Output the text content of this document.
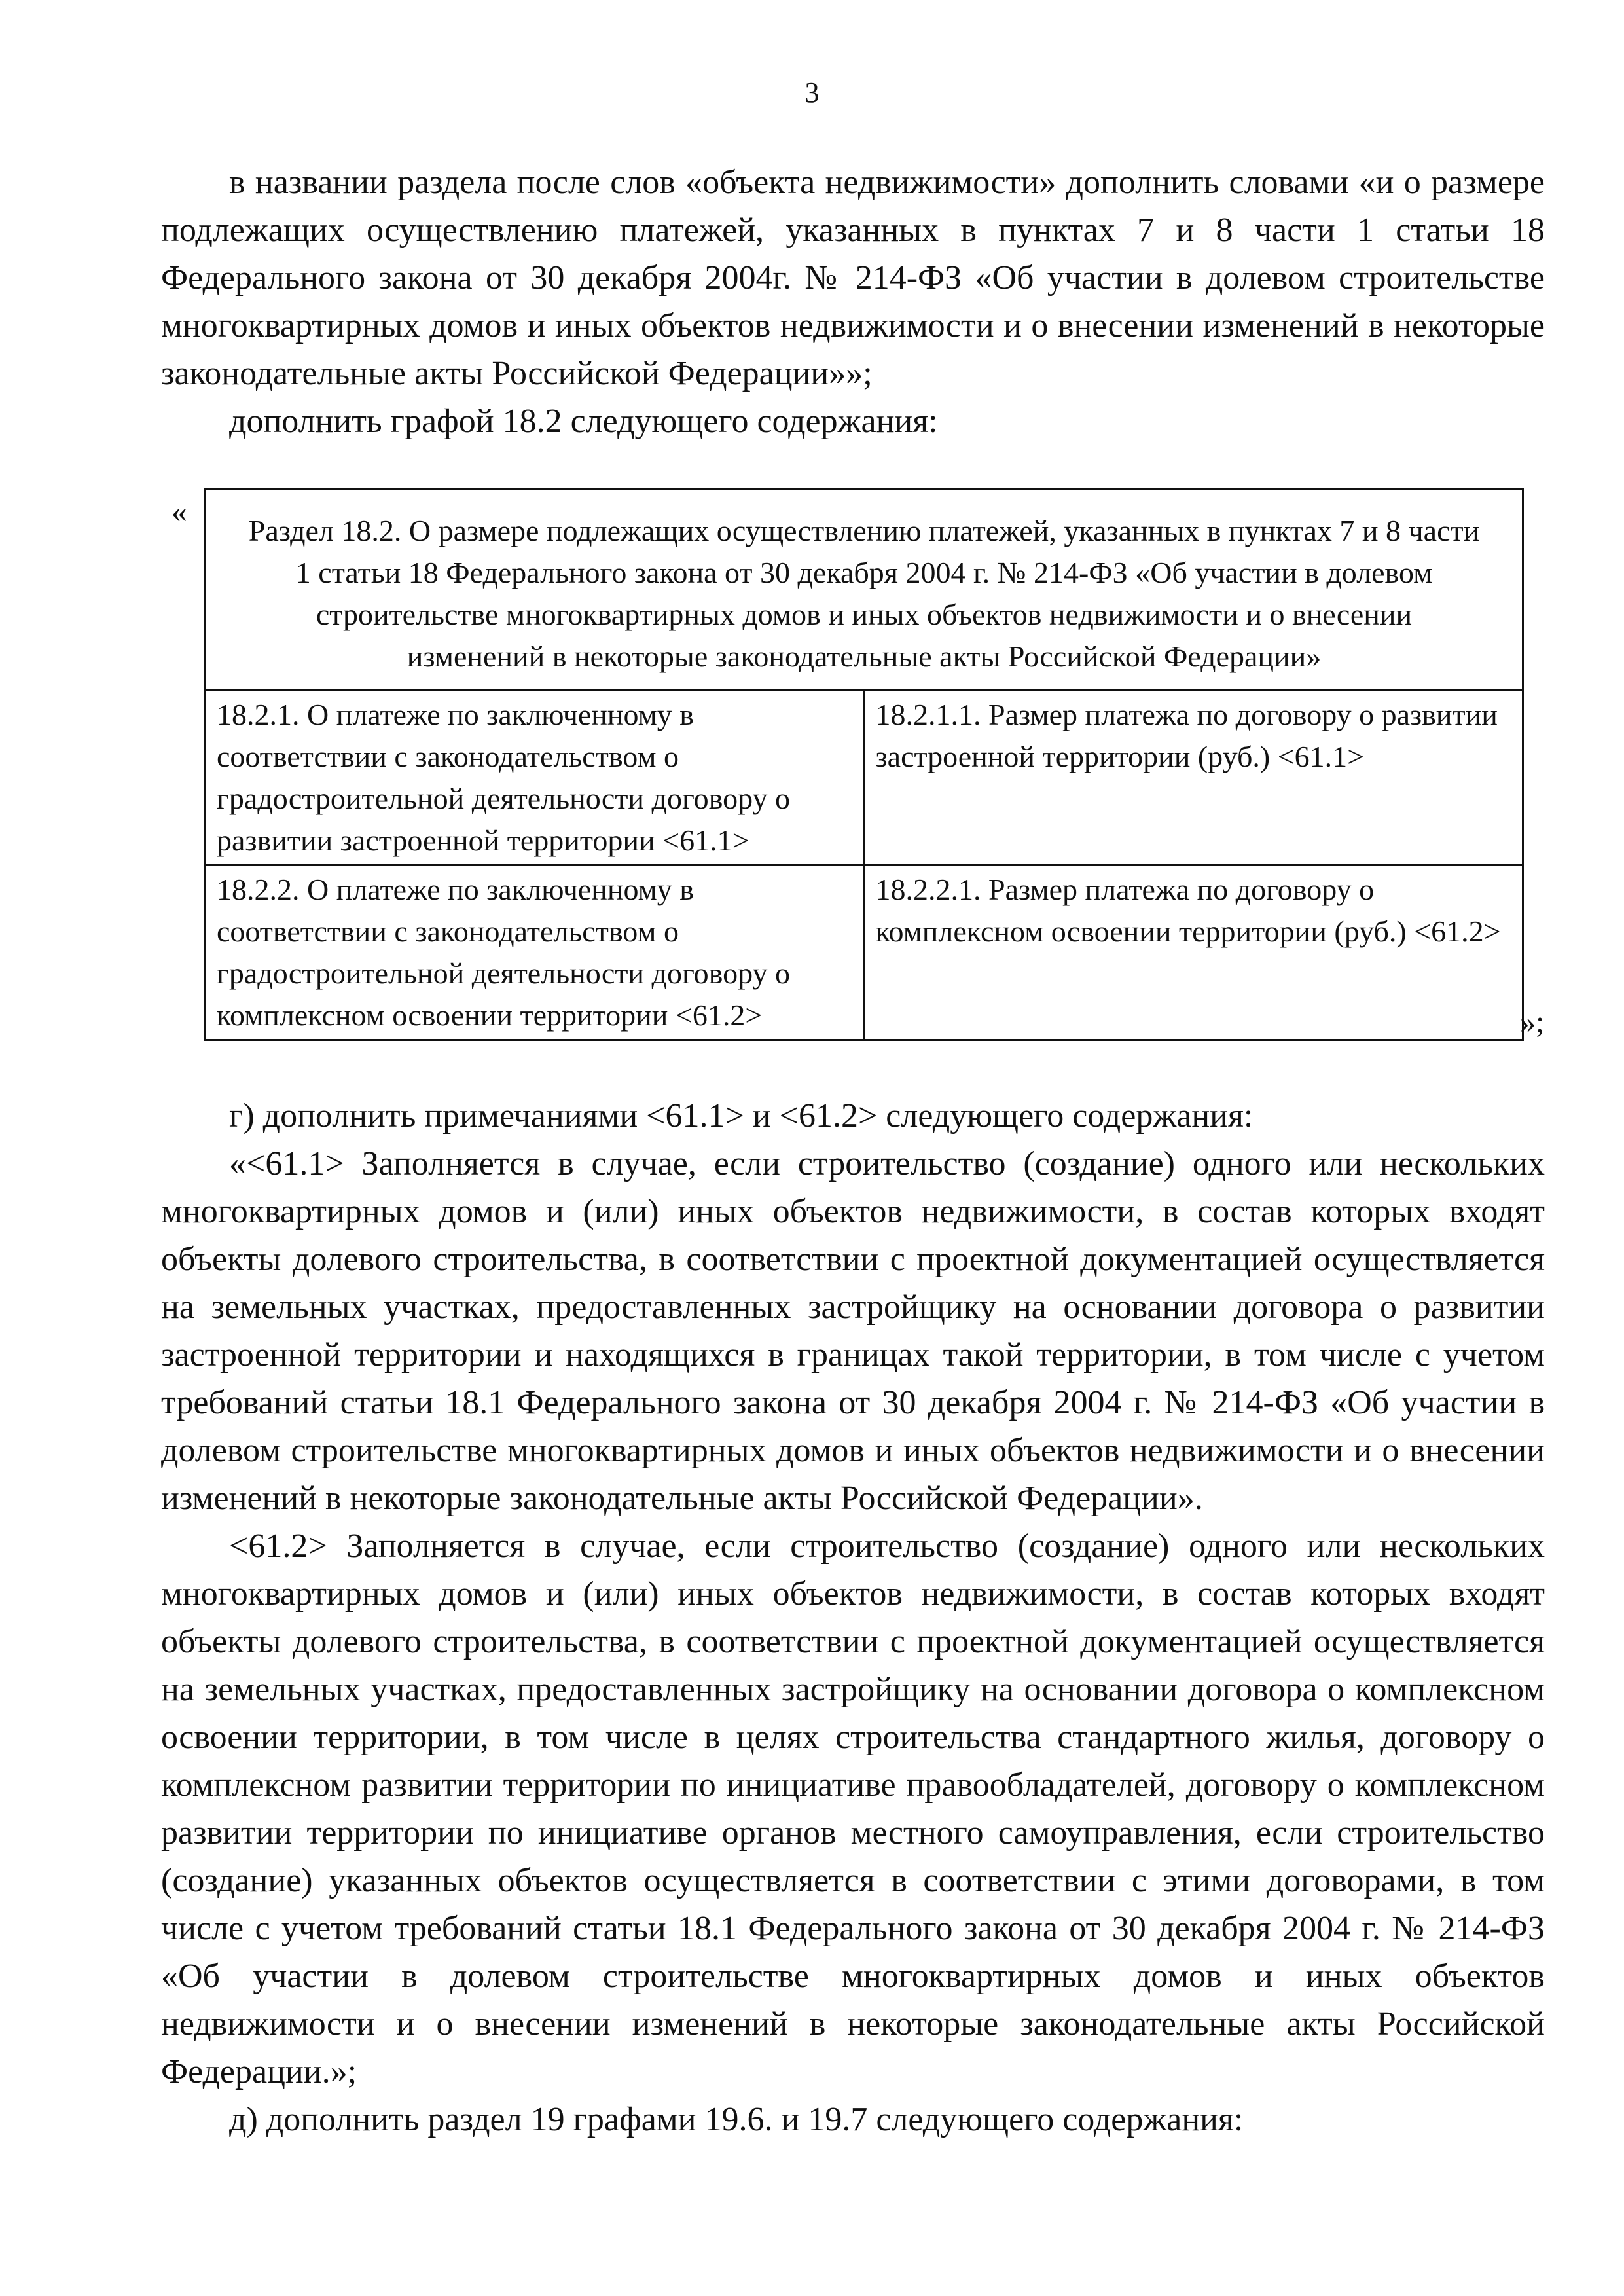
3

в названии раздела после слов «объекта недвижимости» дополнить словами «и о размере подлежащих осуществлению платежей, указанных в пунктах 7 и 8 части 1 статьи 18 Федерального закона от 30 декабря 2004г. № 214-ФЗ «Об участии в долевом строительстве многоквартирных домов и иных объектов недвижимости и о внесении изменений в некоторые законодательные акты Российской Федерации»»;

дополнить графой 18.2 следующего содержания:

«
Раздел 18.2. О размере подлежащих осуществлению платежей, указанных в пунктах 7 и 8 части 1 статьи 18 Федерального закона от 30 декабря 2004 г. № 214-ФЗ «Об участии в долевом строительстве многоквартирных домов и иных объектов недвижимости и о внесении изменений в некоторые законодательные акты Российской Федерации»	
18.2.1. О платеже по заключенному в соответствии с законодательством о градостроительной деятельности договору о развитии застроенной территории <61.1>	18.2.1.1. Размер платежа по договору о развитии застроенной территории (руб.) <61.1>
18.2.2. О платеже по заключенному в соответствии с законодательством о градостроительной деятельности договору о комплексном освоении территории <61.2>	18.2.2.1. Размер платежа по договору о комплексном освоении территории (руб.) <61.2>
»;

г) дополнить примечаниями <61.1> и <61.2> следующего содержания:

«<61.1> Заполняется в случае, если строительство (создание) одного или нескольких многоквартирных домов и (или) иных объектов недвижимости, в состав которых входят объекты долевого строительства, в соответствии с проектной документацией осуществляется на земельных участках, предоставленных застройщику на основании договора о развитии застроенной территории и находящихся в границах такой территории, в том числе с учетом требований статьи 18.1 Федерального закона от 30 декабря 2004 г. № 214-ФЗ «Об участии в долевом строительстве многоквартирных домов и иных объектов недвижимости и о внесении изменений в некоторые законодательные акты Российской Федерации».

<61.2> Заполняется в случае, если строительство (создание) одного или нескольких многоквартирных домов и (или) иных объектов недвижимости, в состав которых входят объекты долевого строительства, в соответствии с проектной документацией осуществляется на земельных участках, предоставленных застройщику на основании договора о комплексном освоении территории, в том числе в целях строительства стандартного жилья, договору о комплексном развитии территории по инициативе правообладателей, договору о комплексном развитии территории по инициативе органов местного самоуправления, если строительство (создание) указанных объектов осуществляется в соответствии с этими договорами, в том числе с учетом требований статьи 18.1 Федерального закона от 30 декабря 2004 г. № 214-ФЗ «Об участии в долевом строительстве многоквартирных домов и иных объектов недвижимости и о внесении изменений в некоторые законодательные акты Российской Федерации.»;

д) дополнить раздел 19 графами 19.6. и 19.7 следующего содержания:
